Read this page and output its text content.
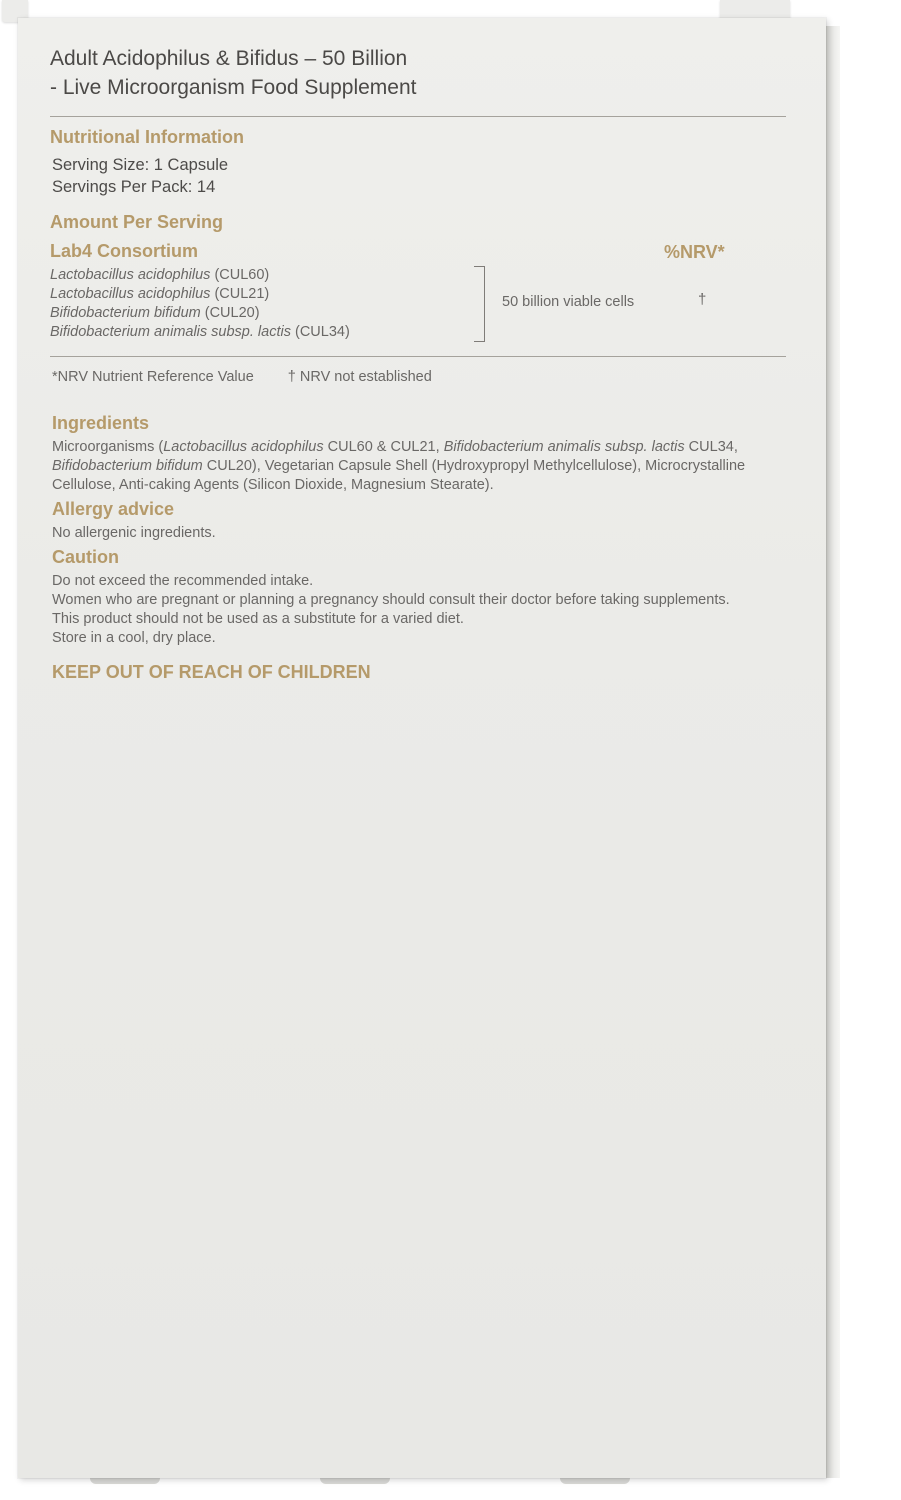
Adult Acidophilus & Bifidus – 50 Billion
- Live Microorganism Food Supplement
Nutritional Information
Serving Size: 1 Capsule
Servings Per Pack: 14
Amount Per Serving
%NRV*
Lab4 Consortium
Lactobacillus acidophilus (CUL60)
Lactobacillus acidophilus (CUL21)
Bifidobacterium bifidum (CUL20)
Bifidobacterium animalis subsp. lactis (CUL34)
50 billion viable cells	†
*NRV Nutrient Reference Value † NRV not established
Ingredients
Microorganisms (Lactobacillus acidophilus CUL60 & CUL21, Bifidobacterium animalis subsp. lactis CUL34, Bifidobacterium bifidum CUL20), Vegetarian Capsule Shell (Hydroxypropyl Methylcellulose), Microcrystalline Cellulose, Anti-caking Agents (Silicon Dioxide, Magnesium Stearate).
Allergy advice
No allergenic ingredients.
Caution
Do not exceed the recommended intake.
Women who are pregnant or planning a pregnancy should consult their doctor before taking supplements.
This product should not be used as a substitute for a varied diet.
Store in a cool, dry place.
KEEP OUT OF REACH OF CHILDREN
